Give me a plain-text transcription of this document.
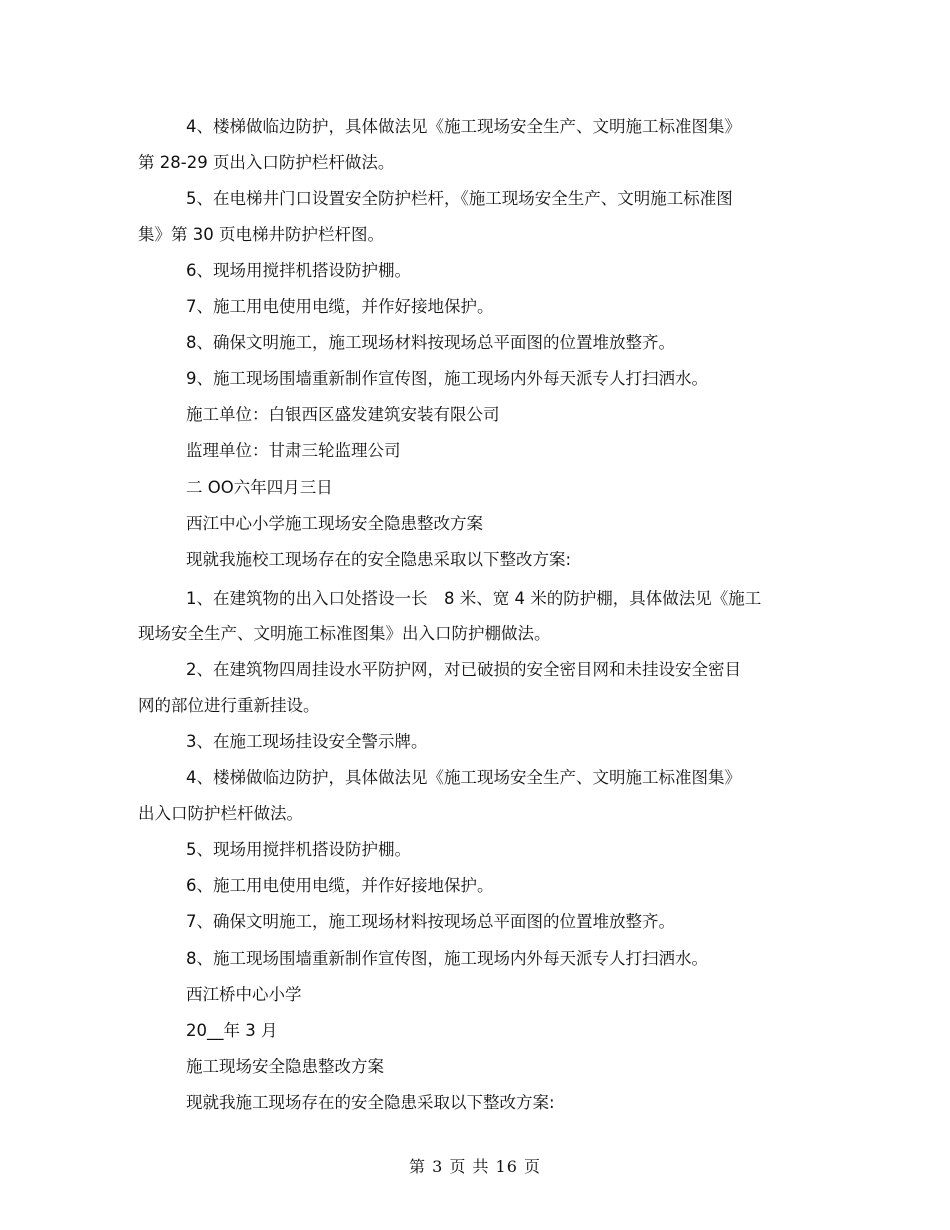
4、楼梯做临边防护，具体做法见《施工现场安全生产、文明施工标准图集》
第 28-29 页出入口防护栏杆做法。
5、在电梯井门口设置安全防护栏杆，《施工现场安全生产、文明施工标准图
集》第 30 页电梯井防护栏杆图。
6、现场用搅拌机搭设防护棚。
7、施工用电使用电缆，并作好接地保护。
8、确保文明施工，施工现场材料按现场总平面图的位置堆放整齐。
9、施工现场围墙重新制作宣传图，施工现场内外每天派专人打扫洒水。
施工单位：白银西区盛发建筑安装有限公司
监理单位：甘肃三轮监理公司
二 OO六年四月三日
西江中心小学施工现场安全隐患整改方案
现就我施校工现场存在的安全隐患采取以下整改方案:
1、在建筑物的出入口处搭设一长　8 米、宽 4 米的防护棚，具体做法见《施工
现场安全生产、文明施工标准图集》出入口防护棚做法。
2、在建筑物四周挂设水平防护网，对已破损的安全密目网和未挂设安全密目
网的部位进行重新挂设。
3、在施工现场挂设安全警示牌。
4、楼梯做临边防护，具体做法见《施工现场安全生产、文明施工标准图集》
出入口防护栏杆做法。
5、现场用搅拌机搭设防护棚。
6、施工用电使用电缆，并作好接地保护。
7、确保文明施工，施工现场材料按现场总平面图的位置堆放整齐。
8、施工现场围墙重新制作宣传图，施工现场内外每天派专人打扫洒水。
西江桥中心小学
20__年 3 月
施工现场安全隐患整改方案
现就我施工现场存在的安全隐患采取以下整改方案:
第 3 页 共 16 页
